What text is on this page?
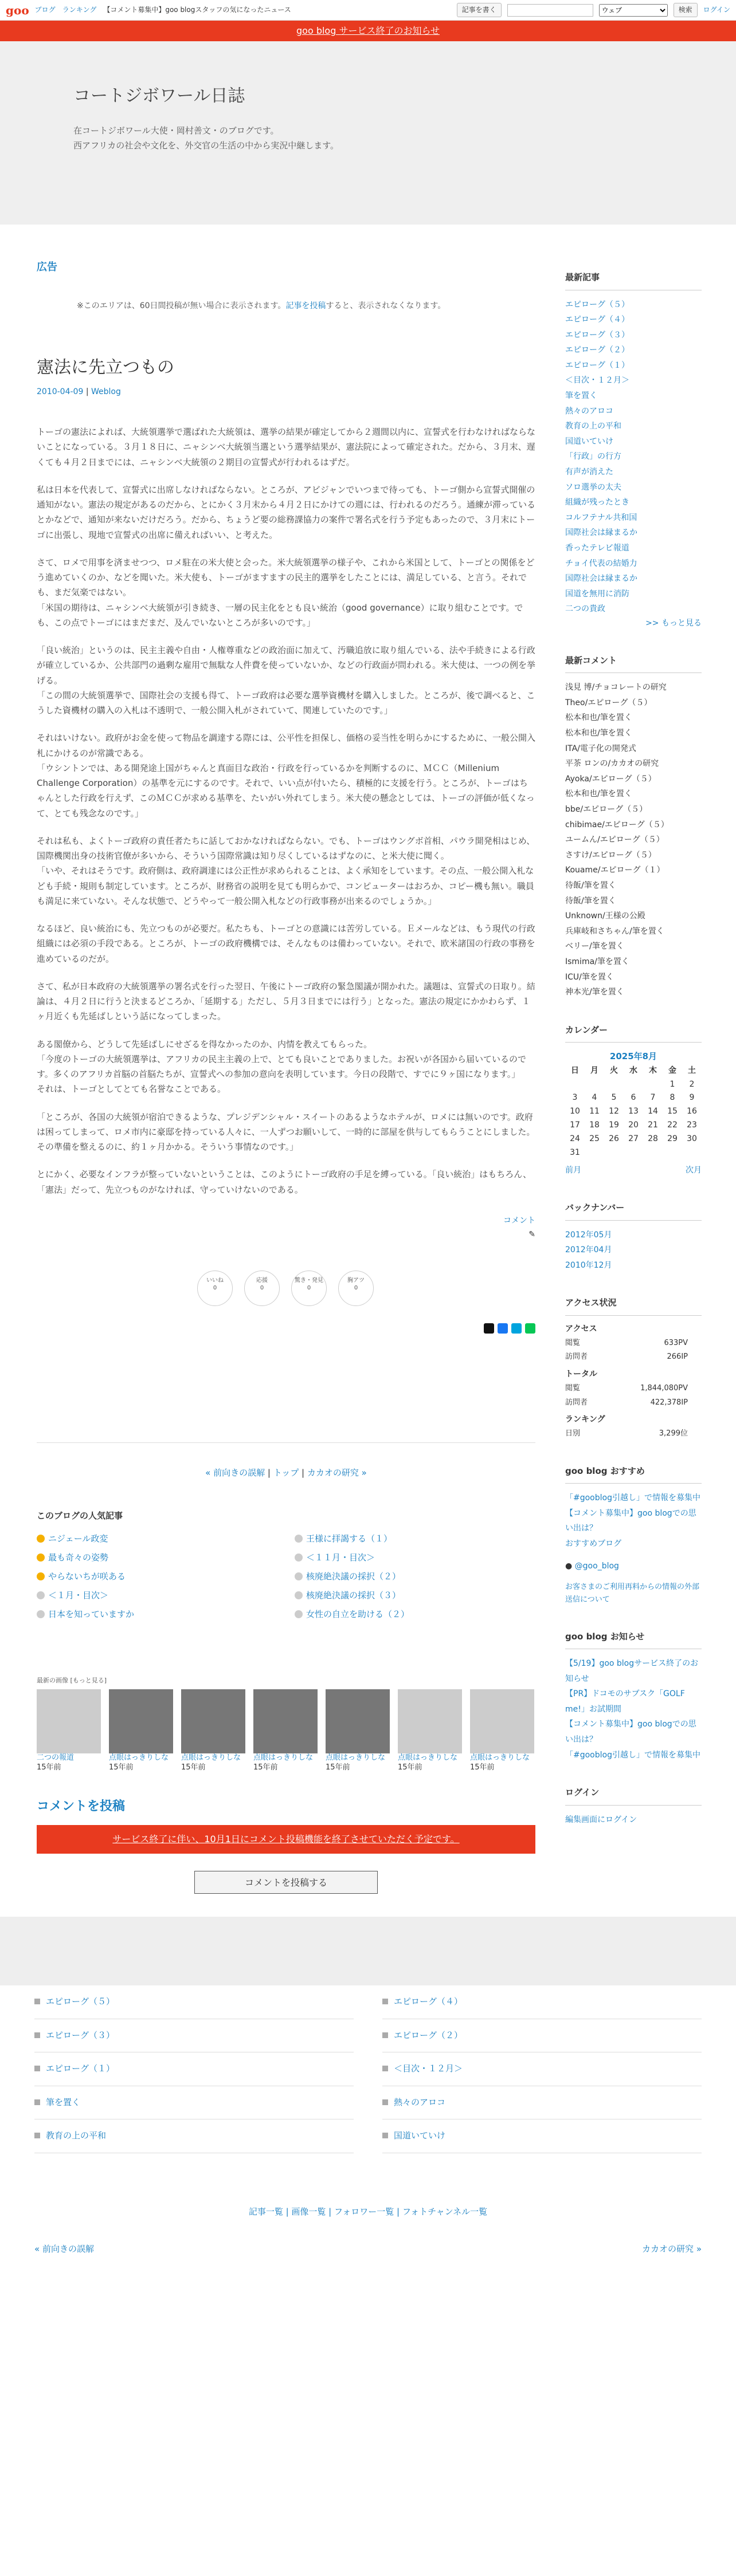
goo ブログ ランキング 【コメント募集中】goo blogスタッフの気になったニュース	記事を書く
ウェブ	検索	ログイン
goo blog サービス終了のお知らせ
コートジボワール日誌

在コートジボワール大使・岡村善文・のブログです。

西アフリカの社会や文化を、外交官の生活の中から実況中継します。

広告
※このエリアは、60日間投稿が無い場合に表示されます。記事を投稿すると、表示されなくなります。
憲法に先立つもの
2010-04-09 | Weblog

トーゴの憲法によれば、大統領選挙で選ばれた大統領は、選挙の結果が確定してから２週間以内に、宣誓式を行わなければならないことになっている。３月１８日に、ニャシンベ大統領当選という選挙結果が、憲法院によって確定された。だから、３月末、遅くても４月２日までには、ニャシンベ大統領の２期目の宣誓式が行われるはずだ。

私は日本を代表して、宣誓式に出席しなければならない。ところが、アビジャンでいつまで待っても、トーゴ側から宣誓式開催の通知がない。憲法の規定があるのだから、とにかく３月末から４月２日にかけての週には、行われるのだろう。通練が滞っているとかなどで、通知が来ないだけだろう。だから、ちょうど要の総務課協力の案件で署名式を行う予定もあったので、３月末にトーゴに出張し、現地で宣誓式の出席に備えればいい、と考えた。

さて、ロメで用事を済ませつつ、ロメ駐在の米大使と会った。米大統領選挙の様子や、これから米国として、トーゴとの関係をどう進めていくのか、などを聞いた。米大使も、トーゴがますますの民主的選挙をしたことには、満足している、と言う。それでも、まだ気楽ではない。
「米国の期待は、ニャシンベ大統領が引き続き、一層の民主化をとも良い統治（good governance）に取り組むことです。でも、この点でトーゴにはまだまだ、及んでいないところが多いのです。」

「良い統治」というのは、民主主義や自由・人権尊重などの政治面に加えて、汚職追放に取り組んでいる、法や手続きによる行政が確立しているか、公共部門の過剰な雇用で無駄な人件費を使っていないか、などの行政面が問われる。米大使は、一つの例を挙げる。
「この間の大統領選挙で、国際社会の支援も得て、トーゴ政府は必要な選挙資機材を購入しました。ところが、後で調べると、こうした資機材の購入の入札は不透明で、一般公開入札がされていて、関連していたのです。」

それはいけない。政府がお金を使って物品を調達する際には、公平性を担保し、価格の妥当性を明らかにするために、一般公開入札にかけるのが常識である。
「ウシントンでは、ある開発途上国がちゃんと真面目な政治・行政を行っているかを判断するのに、ＭＣＣ（Millenium Challenge Corporation）の基準を元にするのです。それで、いい点が付いたら、積極的に支援を行う。ところが、トーゴはちゃんとした行政を行えず、このＭＣＣが求める基準を、たいがい外れてしまう。米大使の懸念としては、トーゴの評価が低くなって、とても残念なのです。」

それは私も、よくトーゴ政府の責任者たちに話しておかなければならない。でも、トーゴはウングボ首相、パウラ開発相はじめ、国際機関出身の技術官僚が多いから、そういう国際常識は知り尽くしているはずなのに、と米大使に聞く。
「いや、それはそうです。政府側は、政府調達には公正性が求められることは、よく承知をしています。その点、一般公開入札なども手続・規則も制定しています。ところが、財務省の説明を見ても明らかで、コンピューターはおろか、コピー機も無い。職員も満足に来ていない。そんな状態で、どうやって一般公開入札などの行政事務が出来るのでしょうか。」

なるほど、良い統治にも、先立つものが必要だ。私たちも、トーゴとの意識には苦労している。Ｅメールなどは、もう現代の行政組織には必須の手段である。ところが、トーゴの政府機構では、そんなものは備わっていない。それで、欧米諸国の行政の事務を進めているのだが。

さて、私が日本政府の大統領選挙の署名式を行った翌日、午後にトーゴ政府の緊急閣議が開かれた。議題は、宣誓式の日取り。結論は、４月２日に行うと決まるどころか、「延期する」ただし、５月３日までには行う」となった。憲法の規定にかかわらず、１ヶ月近くも先延ばしという話になってしまった。

ある閣僚から、どうして先延ばしにせざるを得なかったのか、内情を教えてもらった。
「今度のトーゴの大統領選挙は、アフリカの民主主義の上で、とても良いことでありました。お祝いが各国から届いているのです。多くのアフリカ首脳の首脳たちが、宣誓式への参加の意向を表明しています。今日の段階で、すでに９ヶ国になります。」
それは、トーゴとしてとても名誉なことである。

「ところが、各国の大統領が宿泊できるような、プレジデンシャル・スイートのあるようなホテルが、ロメには無いのです。政府は困ってしまって、ロメ市内に豪邸を持っている人々に、一人ずつお願いして、一時的に部屋を供与してもらうことにしました。その準備を整えるのに、約１ヶ月かかる。そういう事情なのです。」

とにかく、必要なインフラが整っていないということは、このようにトーゴ政府の手足を縛っている。「良い統治」はもちろん、「憲法」だって、先立つものがなければ、守っていけないのである。

コメント
✎
いいね
0
応援
0
驚き・発見
0
胸アツ
0
« 前向きの誤解 | トップ | カカオの研究 »
このブログの人気記事
ニジェール政変	王様に拝謁する（１）
最も奇々の姿勢	＜１１月・目次＞
やらないちが咲ある	核廃絶決議の採択（２）
＜１月・目次＞	核廃絶決議の採択（３）
日本を知っていますか	女性の自立を助ける（２）
最新の画像 [もっと見る]
二つの報道
15年前
点眼はっきりしな
15年前
点眼はっきりしな
15年前
点眼はっきりしな
15年前
点眼はっきりしな
15年前
点眼はっきりしな
15年前
点眼はっきりしな
15年前
コメントを投稿
サービス終了に伴い、10月1日にコメント投稿機能を終了させていただく予定です。
コメントを投稿する
最新記事
エピローグ（５）
エピローグ（４）
エピローグ（３）
エピローグ（２）
エピローグ（１）
＜目次・１２月＞
筆を置く
熱々のアロコ
教育の上の平和
国道いていけ
「行政」の行方
有声が消えた
ソロ選挙の太夫
組織が残ったとき
コルフテナル共和国
国際社会は縁まるか
香ったテレビ報道
チョイ代表の結婚力
国際社会は縁まるか
国道を無用に消防
二つの貴政
>> もっと見る
最新コメント
浅見 博/チョコレートの研究
Theo/エピローグ（５）
松本和也/筆を置く
松本和也/筆を置く
ITA/電子化の開発式
平茶 ロンの/カカオの研究
Ayoka/エピローグ（５）
松本和也/筆を置く
bbe/エピローグ（５）
chibimae/エピローグ（５）
ユームん/エピローグ（５）
さすけ/エピローグ（５）
Kouame/エピローグ（１）
待飯/筆を置く
待飯/筆を置く
Unknown/王様の公殿
兵庫岐和さちゃん/筆を置く
ベリー/筆を置く
Ismima/筆を置く
ICU/筆を置く
神本光/筆を置く
カレンダー
2025年8月
日	月	火	水	木	金	土
					1	2
3	4	5	6	7	8	9
10	11	12	13	14	15	16
17	18	19	20	21	22	23
24	25	26	27	28	29	30
31						
前月	次月
バックナンバー
2012年05月
2012年04月
2010年12月
アクセス状況
アクセス
閲覧	633PV
訪問者	266IP
トータル
閲覧	1,844,080PV
訪問者	422,378IP
ランキング
日別	3,299位
goo blog おすすめ
「#gooblog引越し」で情報を募集中
【コメント募集中】goo blogでの思い出は？
おすすめブログ
● @goo_blog
お客さまのご利用再料からの情報の外部送信について
goo blog お知らせ
【5/19】goo blogサービス終了のお知らせ
【PR】ドコモのサブスク「GOLF me!」お試期間
【コメント募集中】goo blogでの思い出は？
「#gooblog引越し」で情報を募集中
ログイン
編集画面にログイン
エピローグ（５）	エピローグ（４）
エピローグ（３）	エピローグ（２）
エピローグ（１）	＜目次・１２月＞
筆を置く	熱々のアロコ
教育の上の平和	国道いていけ
記事一覧 | 画像一覧 | フォロワー一覧 | フォトチャンネル一覧
« 前向きの誤解	カカオの研究 »
